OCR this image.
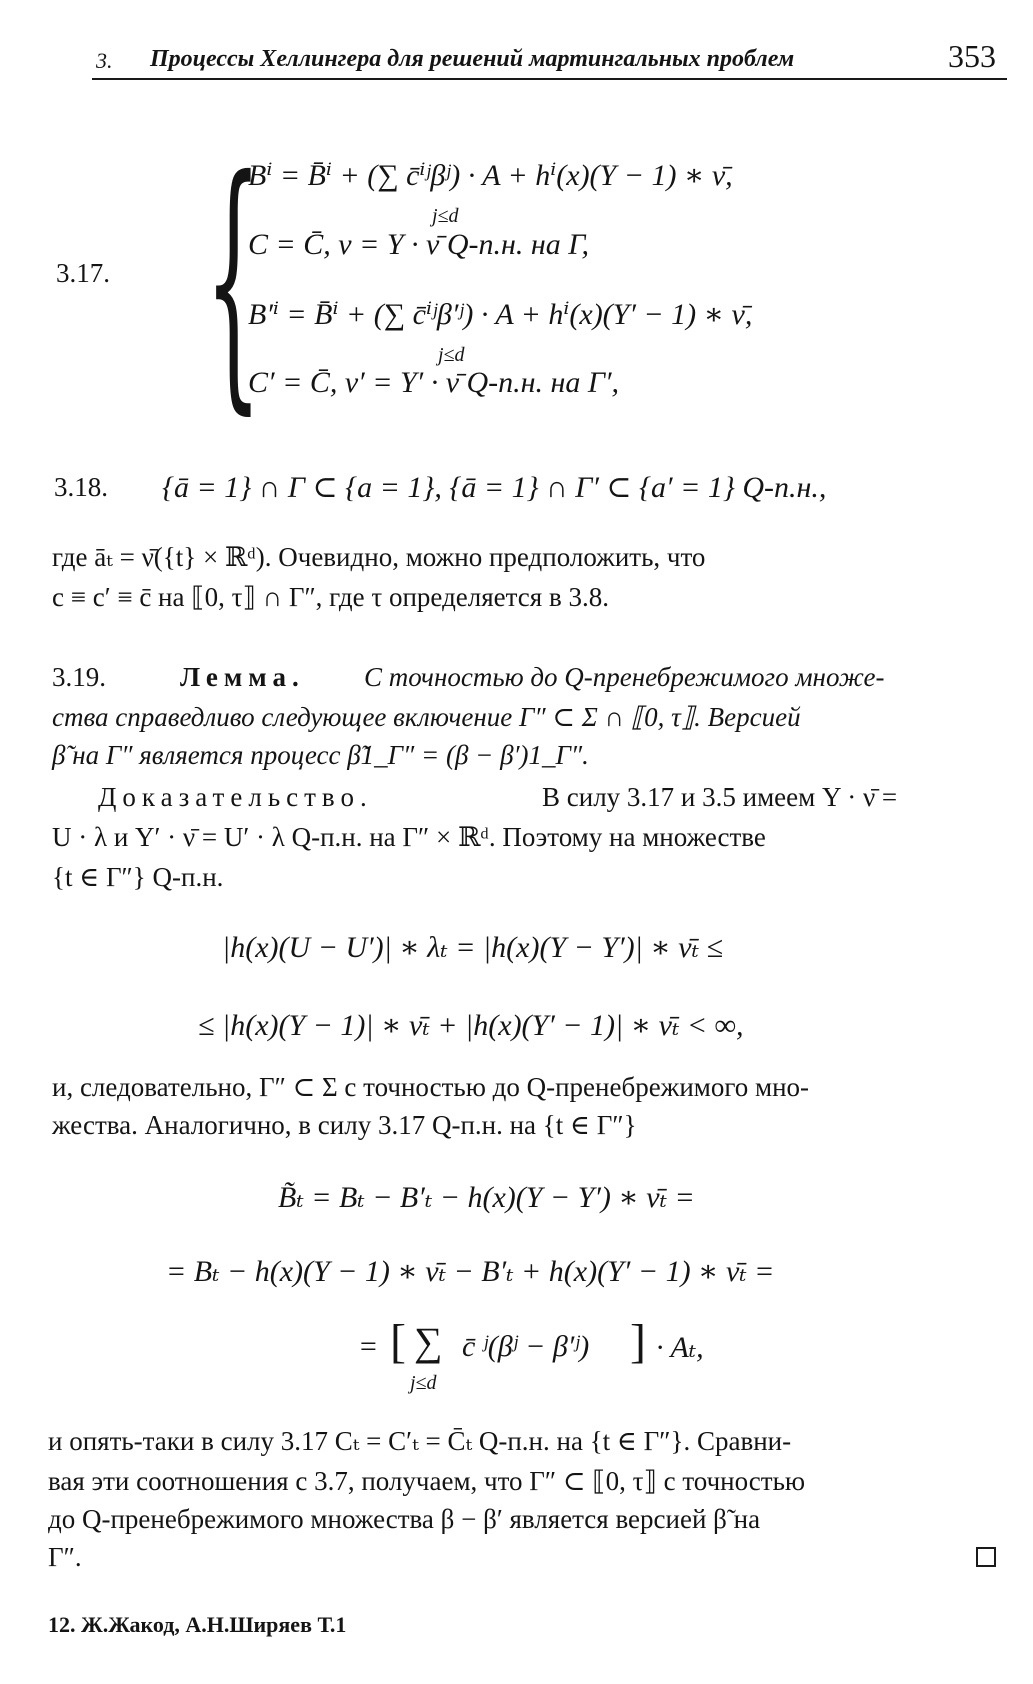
3. Процессы Хеллингера для решений мартингальных проблем	353
3.17. {
Bⁱ = B̄ⁱ + (∑ c̄ⁱʲβʲ) · A + hⁱ(x)(Y − 1) ∗ ν̄,
j≤d
C = C̄, ν = Y · ν̄ Q-п.н. на Γ,
B′ⁱ = B̄ⁱ + (∑ c̄ⁱʲβ′ʲ) · A + hⁱ(x)(Y′ − 1) ∗ ν̄,
j≤d
C′ = C̄, ν′ = Y′ · ν̄ Q-п.н. на Γ′,
3.18. {ā = 1} ∩ Γ ⊂ {a = 1}, {ā = 1} ∩ Γ′ ⊂ {a′ = 1} Q-п.н.,
где āₜ = ν̄({t} × ℝᵈ). Очевидно, можно предположить, что
c ≡ c′ ≡ c̄ на ⟦0, τ⟧ ∩ Γ″, где τ определяется в 3.8.
3.19.	Лемма. С точностью до Q-пренебрежимого множе-
ства справедливо следующее включение Γ″ ⊂ Σ ∩ ⟦0, τ⟧. Версией
β̃ на Γ″ является процесс β̃1_Γ″ = (β − β′)1_Γ″.
Доказательство.	В силу 3.17 и 3.5 имеем Y · ν̄ =
U · λ и Y′ · ν̄ = U′ · λ Q-п.н. на Γ″ × ℝᵈ. Поэтому на множестве
{t ∈ Γ″} Q-п.н.
|h(x)(U − U′)| ∗ λₜ = |h(x)(Y − Y′)| ∗ ν̄ₜ ≤
≤ |h(x)(Y − 1)| ∗ ν̄ₜ + |h(x)(Y′ − 1)| ∗ ν̄ₜ < ∞,
и, следовательно, Γ″ ⊂ Σ с точностью до Q-пренебрежимого мно-
жества. Аналогично, в силу 3.17 Q-п.н. на {t ∈ Γ″}
B̃ₜ = Bₜ − B′ₜ − h(x)(Y − Y′) ∗ ν̄ₜ =
= Bₜ − h(x)(Y − 1) ∗ ν̄ₜ − B′ₜ + h(x)(Y′ − 1) ∗ ν̄ₜ =
= [ ∑ c̄ ʲ(βʲ − β′ʲ) ] · Aₜ,
j≤d
и опять-таки в силу 3.17 Cₜ = C′ₜ = C̄ₜ Q-п.н. на {t ∈ Γ″}. Сравни-
вая эти соотношения с 3.7, получаем, что Γ″ ⊂ ⟦0, τ⟧ с точностью
до Q-пренебрежимого множества β − β′ является версией β̃ на
Γ″.
12. Ж.Жакод, А.Н.Ширяев Т.1
